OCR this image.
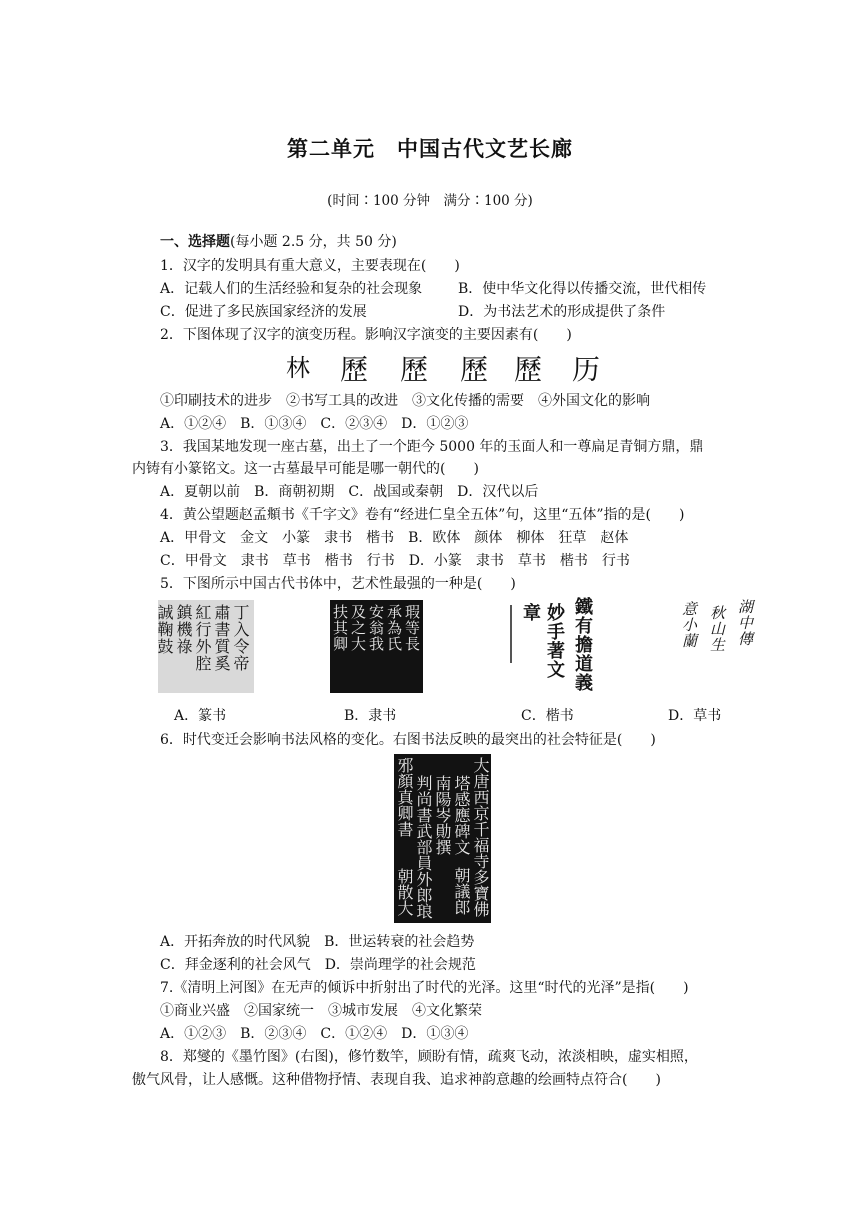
第二单元　中国古代文艺长廊
(时间∶100 分钟　满分∶100 分)
一、选择题(每小题 2.5 分，共 50 分)
1．汉字的发明具有重大意义，主要表现在(　　)
A．记载人们的生活经验和复杂的社会现象	B．使中华文化得以传播交流，世代相传
C．促进了多民族国家经济的发展	D．为书法艺术的形成提供了条件
2．下图体现了汉字的演变历程。影响汉字演变的主要因素有(　　)
林 歷 歷 歷 歷 历
①印刷技术的进步　②书写工具的改进　③文化传播的需要　④外国文化的影响
A．①②④　B．①③④　C．②③④　D．①②③
3．我国某地发现一座古墓，出土了一个距今 5000 年的玉面人和一尊扁足青铜方鼎，鼎
内铸有小篆铭文。这一古墓最早可能是哪一朝代的(　　)
A．夏朝以前　B．商朝初期　C．战国或秦朝　D．汉代以后
4．黄公望题赵孟頫书《千字文》卷有“经进仁皇全五体”句，这里“五体”指的是(　　)
A．甲骨文　金文　小篆　隶书　楷书　B．欧体　颜体　柳体　狂草　赵体
C．甲骨文　隶书　草书　楷书　行书　D．小篆　隶书　草书　楷书　行书
5．下图所示中国古代书体中，艺术性最强的一种是(　　)
丁入令帝
肅書質奚
紅行外腔
鎮機祿
誠鞠鼓	瑕等長
承為氏
安翁我
及之大
扶其卿	鐵有擔道義
妙手著文章	湖中傳
秋山生
意小蘭
A．篆书	B．隶书	C．楷书	D．草书
6．时代变迁会影响书法风格的变化。右图书法反映的最突出的社会特征是(　　)
大唐西京千福寺多寶佛
塔感應碑文
朝議郎
南陽岑勛撰
判尚書武部員外郎琅
邪顏真卿書
朝散大
A．开拓奔放的时代风貌　B．世运转衰的社会趋势
C．拜金逐利的社会风气　D．崇尚理学的社会规范
7.《清明上河图》在无声的倾诉中折射出了时代的光泽。这里“时代的光泽”是指(　　)
①商业兴盛　②国家统一　③城市发展　④文化繁荣
A．①②③　B．②③④　C．①②④　D．①③④
8．郑燮的《墨竹图》(右图)，修竹数竿，顾盼有情，疏爽飞动，浓淡相映，虚实相照，
傲气风骨，让人感慨。这种借物抒情、表现自我、追求神韵意趣的绘画特点符合(　　)
